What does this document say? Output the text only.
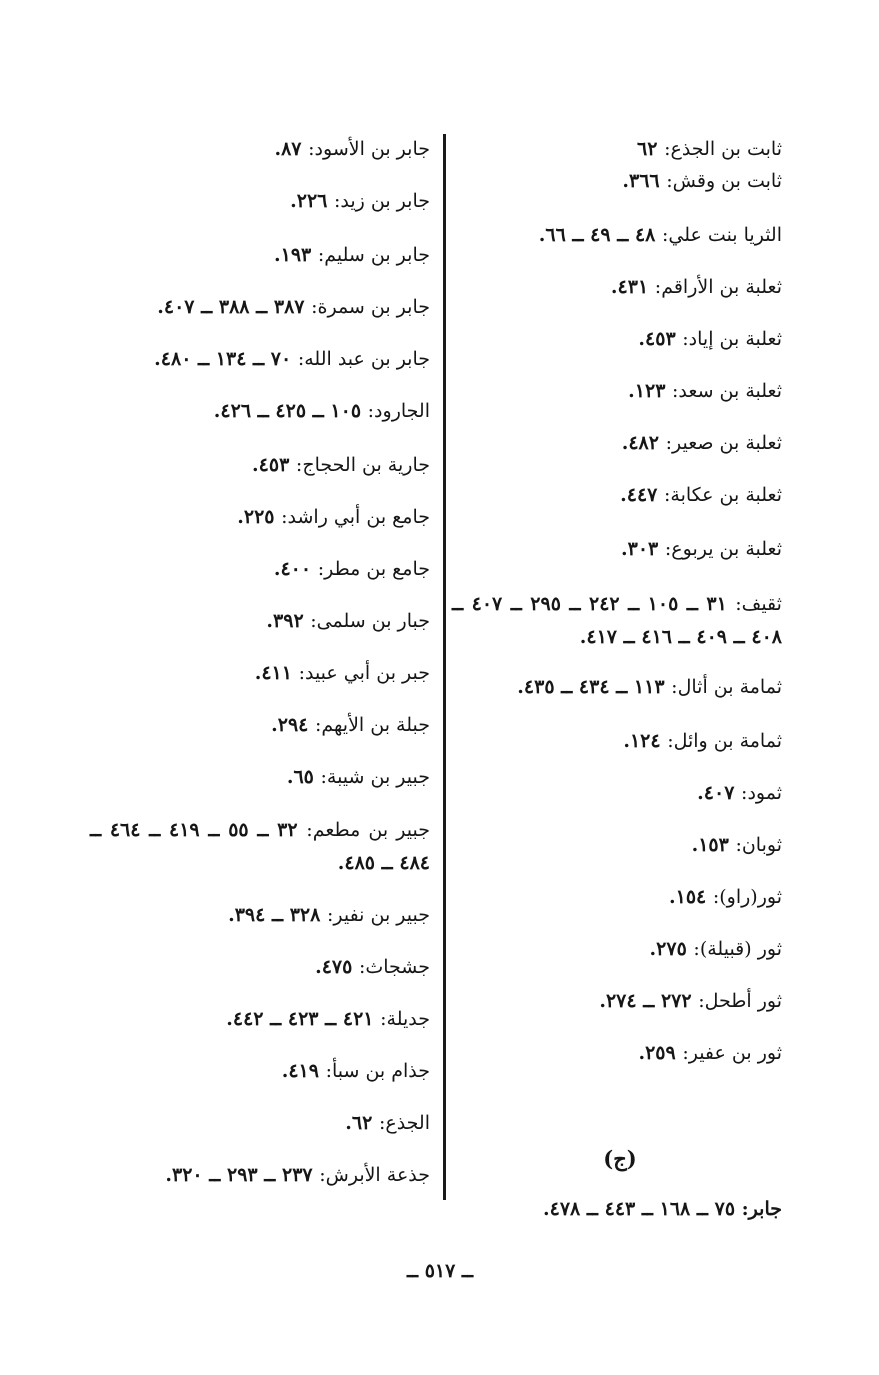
ثابت بن الجذع: ٦٢
ثابت بن وقش: ٣٦٦.
الثريا بنت علي: ٤٨ ــ ٤٩ ــ ٦٦.
ثعلبة بن الأراقم: ٤٣١.
ثعلبة بن إياد: ٤٥٣.
ثعلبة بن سعد: ١٢٣.
ثعلبة بن صعير: ٤٨٢.
ثعلبة بن عكابة: ٤٤٧.
ثعلبة بن يربوع: ٣٠٣.
ثقيف: ٣١ ــ ١٠٥ ــ ٢٤٢ ــ ٢٩٥ ــ ٤٠٧ ــ ٤٠٨ ــ ٤٠٩ ــ ٤١٦ ــ ٤١٧.
ثمامة بن أثال: ١١٣ ــ ٤٣٤ ــ ٤٣٥.
ثمامة بن وائل: ١٢٤.
ثمود: ٤٠٧.
ثوبان: ١٥٣.
ثور(راو): ١٥٤.
ثور (قبيلة): ٢٧٥.
ثور أطحل: ٢٧٢ ــ ٢٧٤.
ثور بن عفير: ٢٥٩.
جابر: ٧٥ ــ ١٦٨ ــ ٤٤٣ ــ ٤٧٨.
(ج)
جابر بن الأسود: ٨٧.
جابر بن زيد: ٢٢٦.
جابر بن سليم: ١٩٣.
جابر بن سمرة: ٣٨٧ ــ ٣٨٨ ــ ٤٠٧.
جابر بن عبد الله: ٧٠ ــ ١٣٤ ــ ٤٨٠.
الجارود: ١٠٥ ــ ٤٢٥ ــ ٤٢٦.
جارية بن الحجاج: ٤٥٣.
جامع بن أبي راشد: ٢٢٥.
جامع بن مطر: ٤٠٠.
جبار بن سلمى: ٣٩٢.
جبر بن أبي عبيد: ٤١١.
جبلة بن الأيهم: ٢٩٤.
جبير بن شيبة: ٦٥.
جبير بن مطعم: ٣٢ ــ ٥٥ ــ ٤١٩ ــ ٤٦٤ ــ ٤٨٤ ــ ٤٨٥.
جبير بن نفير: ٣٢٨ ــ ٣٩٤.
جشجاث: ٤٧٥.
جديلة: ٤٢١ ــ ٤٢٣ ــ ٤٤٢.
جذام بن سبأ: ٤١٩.
الجذع: ٦٢.
جذعة الأبرش: ٢٣٧ ــ ٢٩٣ ــ ٣٢٠.
ــ ٥١٧ ــ
